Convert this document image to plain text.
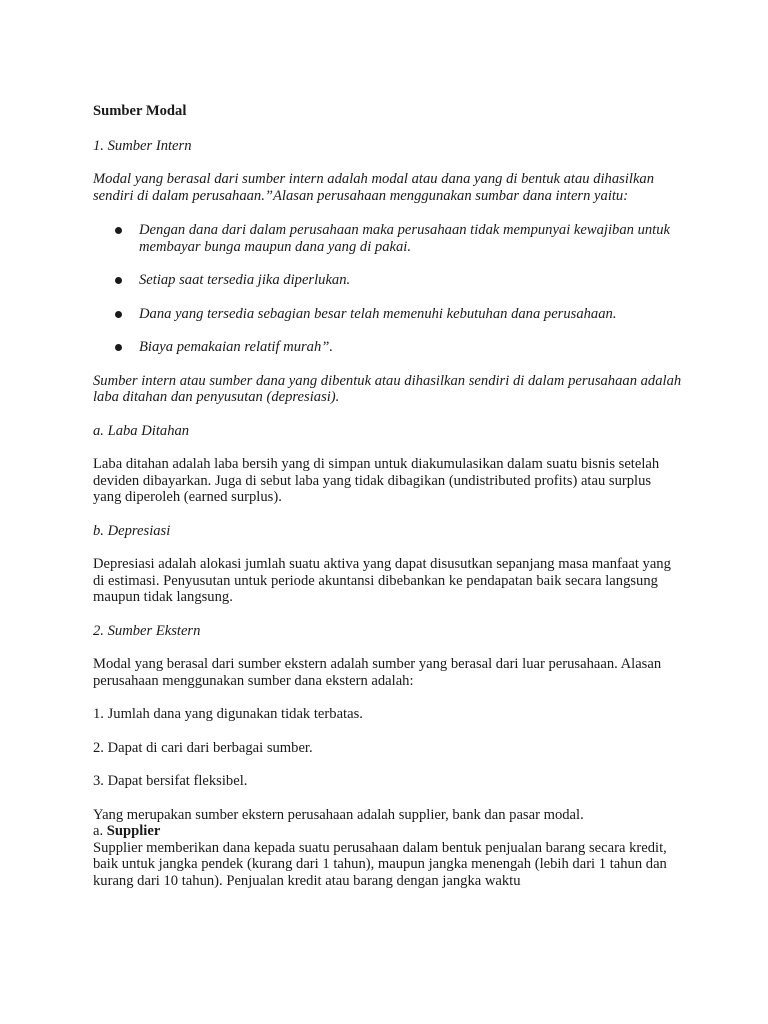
Sumber Modal

1. Sumber Intern

Modal yang berasal dari sumber intern adalah modal atau dana yang di bentuk atau dihasilkan sendiri di dalam perusahaan.”Alasan perusahaan menggunakan sumbar dana intern yaitu:

Dengan dana dari dalam perusahaan maka perusahaan tidak mempunyai kewajiban untuk membayar bunga maupun dana yang di pakai.
Setiap saat tersedia jika diperlukan.
Dana yang tersedia sebagian besar telah memenuhi kebutuhan dana perusahaan.
Biaya pemakaian relatif murah”.

Sumber intern atau sumber dana yang dibentuk atau dihasilkan sendiri di dalam perusahaan adalah laba ditahan dan penyusutan (depresiasi).

a. Laba Ditahan

Laba ditahan adalah laba bersih yang di simpan untuk diakumulasikan dalam suatu bisnis setelah deviden dibayarkan. Juga di sebut laba yang tidak dibagikan (undistributed profits) atau surplus yang diperoleh (earned surplus).

b. Depresiasi

Depresiasi adalah alokasi jumlah suatu aktiva yang dapat disusutkan sepanjang masa manfaat yang di estimasi. Penyusutan untuk periode akuntansi dibebankan ke pendapatan baik secara langsung maupun tidak langsung.

2. Sumber Ekstern

Modal yang berasal dari sumber ekstern adalah sumber yang berasal dari luar perusahaan. Alasan perusahaan menggunakan sumber dana ekstern adalah:

1. Jumlah dana yang digunakan tidak terbatas.

2. Dapat di cari dari berbagai sumber.

3. Dapat bersifat fleksibel.

Yang merupakan sumber ekstern perusahaan adalah supplier, bank dan pasar modal.

a. Supplier

Supplier memberikan dana kepada suatu perusahaan dalam bentuk penjualan barang secara kredit, baik untuk jangka pendek (kurang dari 1 tahun), maupun jangka menengah (lebih dari 1 tahun dan kurang dari 10 tahun). Penjualan kredit atau barang dengan jangka waktu
